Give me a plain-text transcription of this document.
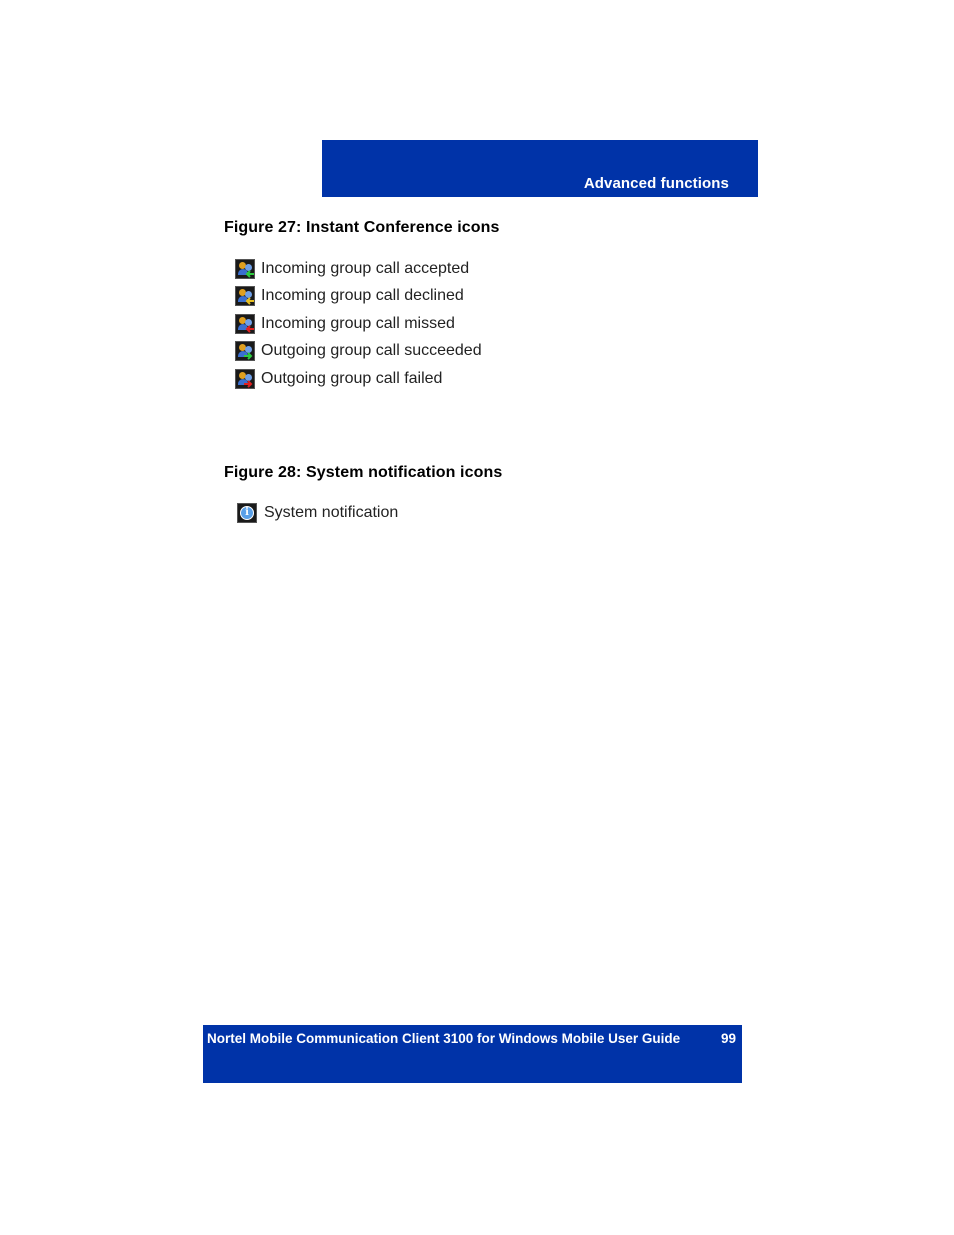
Advanced functions
Figure 27: Instant Conference icons
Incoming group call accepted
Incoming group call declined
Incoming group call missed
Outgoing group call succeeded
Outgoing group call failed
Figure 28: System notification icons
i System notification
Nortel Mobile Communication Client 3100 for Windows Mobile User Guide	99
